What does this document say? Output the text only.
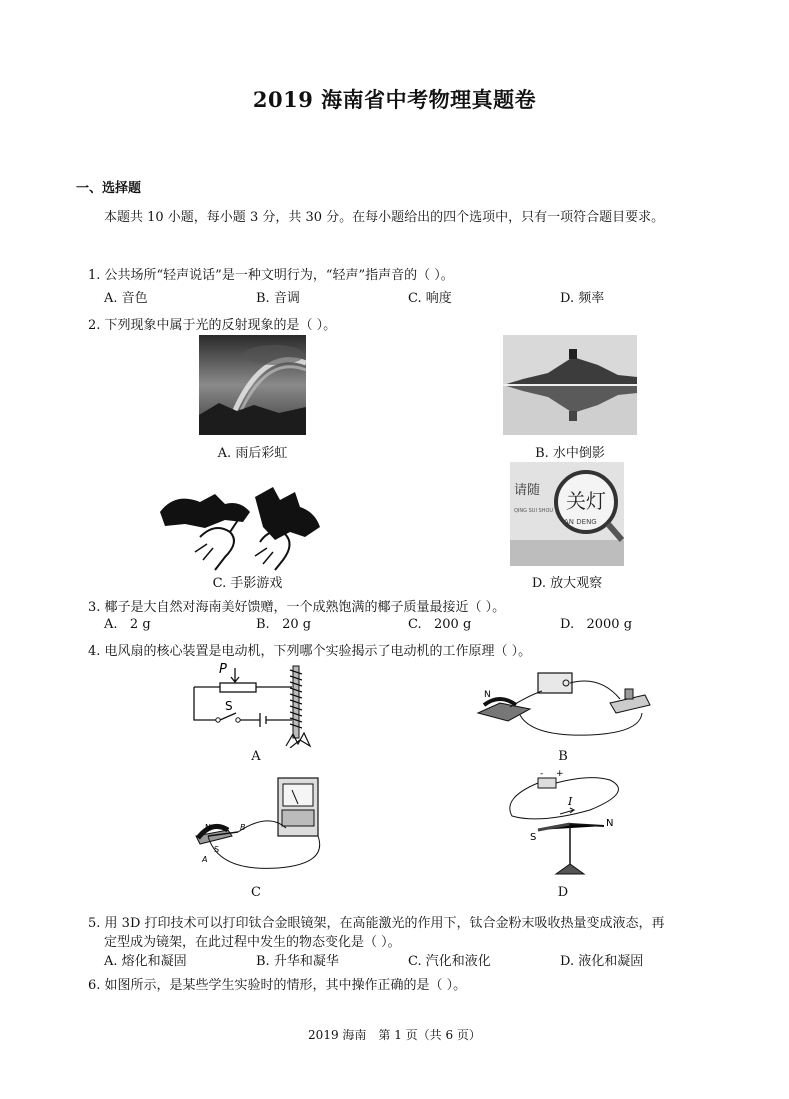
2019 海南省中考物理真题卷
一、选择题
本题共 10 小题，每小题 3 分，共 30 分。在每小题给出的四个选项中，只有一项符合题目要求。
1. 公共场所“轻声说话”是一种文明行为，“轻声”指声音的（ ）。
A. 音色	B. 音调	C. 响度	D. 频率
2. 下列现象中属于光的反射现象的是（ ）。
A. 雨后彩虹	B. 水中倒影
C. 手影游戏
请随 关灯
QING SUI SHOU
AN DENG
D. 放大观察
3. 椰子是大自然对海南美好馈赠，一个成熟饱满的椰子质量最接近（ ）。
A.   2 g	B.   20 g	C.   200 g	D.   2000 g
4. 电风扇的核心装置是电动机，下列哪个实验揭示了电动机的工作原理（ ）。
P
S
A
N
B
N
S
A
B
C
- +
I
S
N
D
5. 用 3D 打印技术可以打印钛合金眼镜架，在高能激光的作用下，钛合金粉末吸收热量变成液态，再
定型成为镜架，在此过程中发生的物态变化是（ ）。
A. 熔化和凝固	B. 升华和凝华	C. 汽化和液化	D. 液化和凝固
6. 如图所示，是某些学生实验时的情形，其中操作正确的是（ ）。
2019 海南　第 1 页（共 6 页）
